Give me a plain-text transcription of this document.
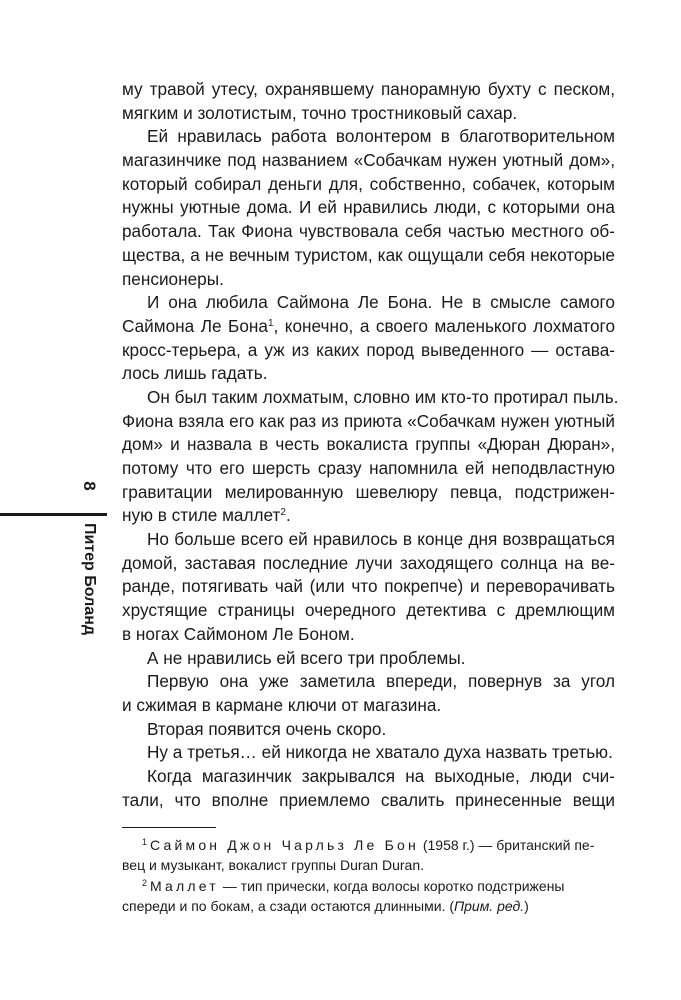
8
Питер Боланд
му травой утесу, охранявшему панорамную бухту с песком,
мягким и золотистым, точно тростниковый сахар.
Ей нравилась работа волонтером в благотворительном
магазинчике под названием «Собачкам нужен уютный дом»,
который собирал деньги для, собственно, собачек, которым
нужны уютные дома. И ей нравились люди, с которыми она
работала. Так Фиона чувствовала себя частью местного об-
щества, а не вечным туристом, как ощущали себя некоторые
пенсионеры.
И она любила Саймона Ле Бона. Не в смысле самого
Саймона Ле Бона$^1$, конечно, а своего маленького лохматого
кросс-терьера, а уж из каких пород выведенного — остава-
лось лишь гадать.
Он был таким лохматым, словно им кто-то протирал пыль.
Фиона взяла его как раз из приюта «Собачкам нужен уютный
дом» и назвала в честь вокалиста группы «Дюран Дюран»,
потому что его шерсть сразу напомнила ей неподвластную
гравитации мелированную шевелюру певца, подстрижен-
ную в стиле маллет$^2$.
Но больше всего ей нравилось в конце дня возвращаться
домой, заставая последние лучи заходящего солнца на ве-
ранде, потягивать чай (или что покрепче) и переворачивать
хрустящие страницы очередного детектива с дремлющим
в ногах Саймоном Ле Боном.
А не нравились ей всего три проблемы.
Первую она уже заметила впереди, повернув за угол
и сжимая в кармане ключи от магазина.
Вторая появится очень скоро.
Ну а третья… ей никогда не хватало духа назвать третью.
Когда магазинчик закрывался на выходные, люди счи-
тали, что вполне приемлемо свалить принесенные вещи
$^1$ Саймон Джон Чарльз Ле Бон (1958 г.) — британский пе-
вец и музыкант, вокалист группы Duran Duran.
$^2$ Маллет — тип прически, когда волосы коротко подстрижены
спереди и по бокам, а сзади остаются длинными. (Прим. ред.)
